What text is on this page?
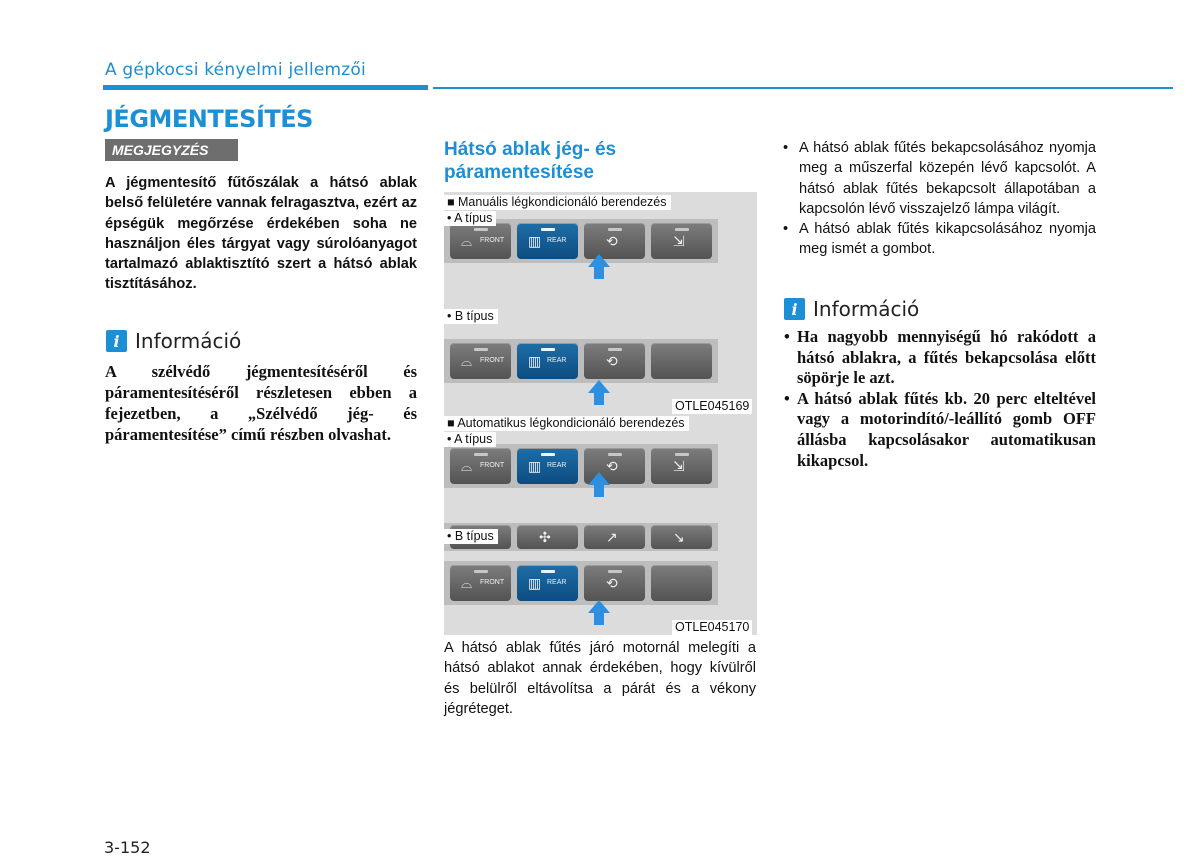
A gépkocsi kényelmi jellemzői
JÉGMENTESÍTÉS
MEGJEGYZÉS
A jégmentesítő fűtőszálak a hátsó ablak belső felületére vannak felragasztva, ezért az épségük megőrzése érdekében soha ne használjon éles tárgyat vagy súrolóanyagot tartalmazó ablaktisztító szert a hátsó ablak tisztításához.
i Információ
A szélvédő jégmentesítéséről és páramentesítéséről részletesen ebben a fejezetben, a „Szélvédő jég- és páramentesítése” című részben olvashat.
Hátsó ablak jég- és
páramentesítése
⌓ FRONT ▥ REAR	⟲	⇲
⌓ FRONT ▥ REAR	⟲
■ Manuális légkondicionáló berendezés
• A típus
• B típus
OTLE045169
⌓ FRONT ▥ REAR	⟲	⇲
✣	↗	↘
⌓ FRONT ▥ REAR	⟲
■ Automatikus légkondicionáló berendezés
• A típus
• B típus
OTLE045170
A hátsó ablak fűtés járó motornál melegíti a hátsó ablakot annak érdekében, hogy kívülről és belülről eltávolítsa a párát és a vékony jégréteget.
• A hátsó ablak fűtés bekapcsolásához nyomja meg a műszerfal közepén lévő kapcsolót. A hátsó ablak fűtés bekapcsolt állapotában a kapcsolón lévő visszajelző lámpa világít.
• A hátsó ablak fűtés kikapcsolásához nyomja meg ismét a gombot.
i Információ
• Ha nagyobb mennyiségű hó rakódott a hátsó ablakra, a fűtés bekapcsolása előtt söpörje le azt.
• A hátsó ablak fűtés kb. 20 perc elteltével vagy a motorindító/-leállító gomb OFF állásba kapcsolásakor automatikusan kikapcsol.
3-152
